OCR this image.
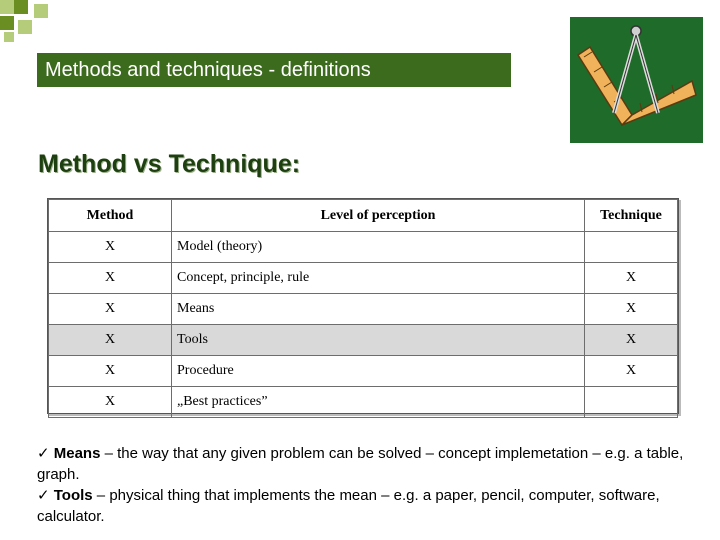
Methods and techniques - definitions
Method vs Technique:
Method	Level of perception	Technique
X	Model (theory)	
X	Concept, principle, rule	X
X	Means	X
X	Tools	X
X	Procedure	X
X	„Best practices”	

✓ Means – the way that any given problem can be solved – concept implemetation – e.g. a table, graph.

✓ Tools – physical thing that implements the mean – e.g. a paper, pencil, computer, software, calculator.
